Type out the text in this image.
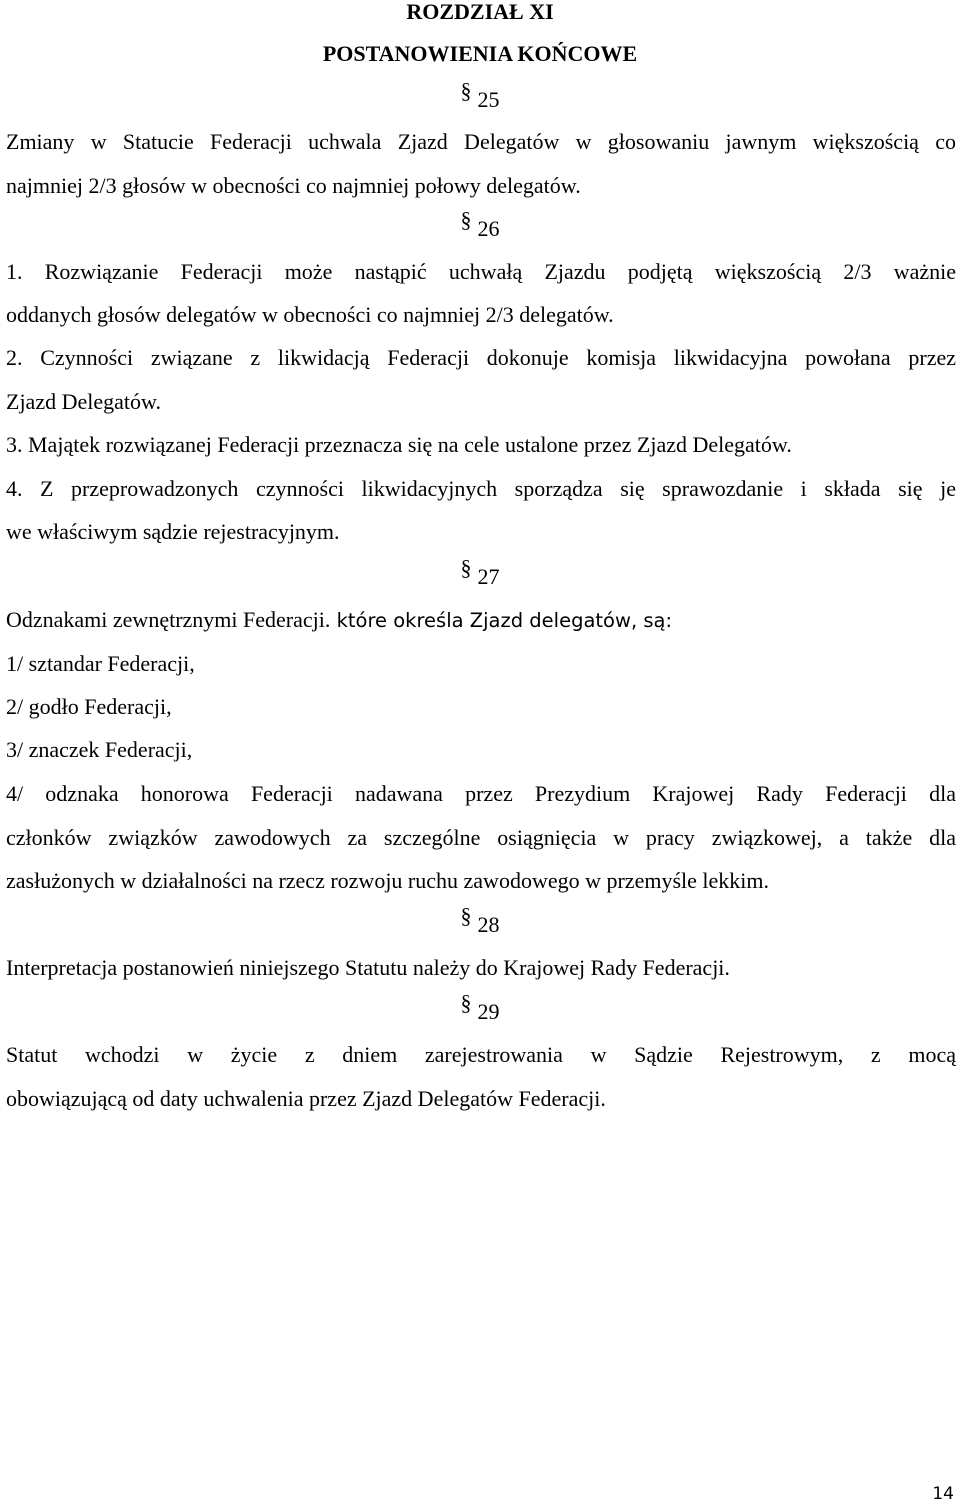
ROZDZIAŁ XI
POSTANOWIENIA KOŃCOWE
§ 25
Zmiany w Statucie Federacji uchwala Zjazd Delegatów w głosowaniu jawnym większością co
najmniej 2/3 głosów w obecności co najmniej połowy delegatów.
§ 26
1. Rozwiązanie Federacji może nastąpić uchwałą Zjazdu podjętą większością 2/3 ważnie
oddanych głosów delegatów w obecności co najmniej 2/3 delegatów.
2. Czynności związane z likwidacją Federacji dokonuje komisja likwidacyjna powołana przez
Zjazd Delegatów.
3. Majątek rozwiązanej Federacji przeznacza się na cele ustalone przez Zjazd Delegatów.
4. Z przeprowadzonych czynności likwidacyjnych sporządza się sprawozdanie i składa się je
we właściwym sądzie rejestracyjnym.
§ 27
Odznakami zewnętrznymi Federacji. które określa Zjazd delegatów, są:
1/ sztandar Federacji,
2/ godło Federacji,
3/ znaczek Federacji,
4/ odznaka honorowa Federacji nadawana przez Prezydium Krajowej Rady Federacji dla
członków związków zawodowych za szczególne osiągnięcia w pracy związkowej, a także dla
zasłużonych w działalności na rzecz rozwoju ruchu zawodowego w przemyśle lekkim.
§ 28
Interpretacja postanowień niniejszego Statutu należy do Krajowej Rady Federacji.
§ 29
Statut wchodzi w życie z dniem zarejestrowania w Sądzie Rejestrowym, z mocą
obowiązującą od daty uchwalenia przez Zjazd Delegatów Federacji.
14
